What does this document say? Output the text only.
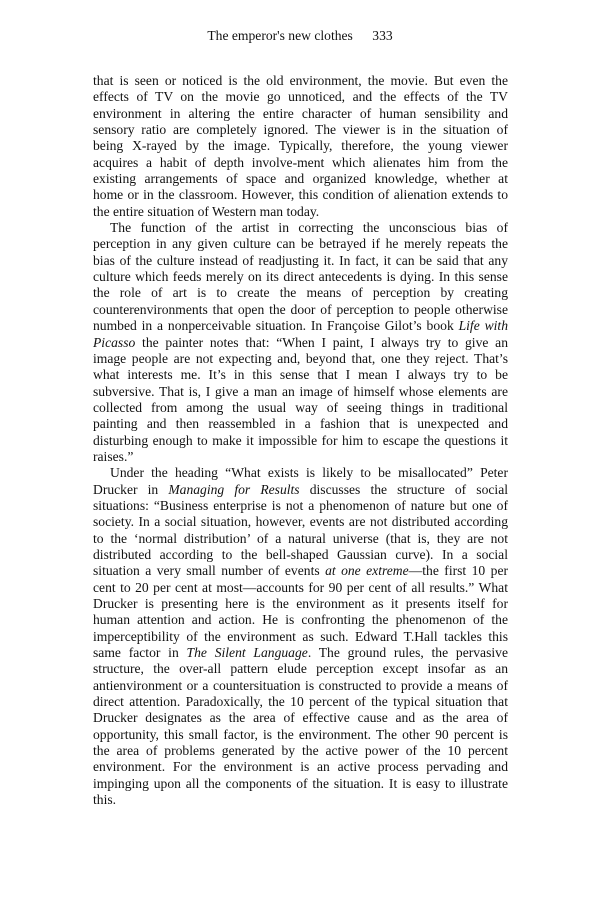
The emperor's new clothes 333
that is seen or noticed is the old environment, the movie. But even the
effects of TV on the movie go unnoticed, and the effects of the TV
environment in altering the entire character of human sensibility and
sensory ratio are completely ignored. The viewer is in the situation of
being X-rayed by the image. Typically, therefore, the young viewer
acquires a habit of depth involve-ment which alienates him from the
existing arrangements of space and organized knowledge, whether at
home or in the classroom. However, this condition of alienation extends to
the entire situation of Western man today.
The function of the artist in correcting the unconscious bias of
perception in any given culture can be betrayed if he merely repeats the
bias of the culture instead of readjusting it. In fact, it can be said that any
culture which feeds merely on its direct antecedents is dying. In this sense
the role of art is to create the means of perception by creating
counterenvironments that open the door of perception to people otherwise
numbed in a nonperceivable situation. In Françoise Gilot’s book Life with
Picasso the painter notes that: “When I paint, I always try to give an
image people are not expecting and, beyond that, one they reject. That’s
what interests me. It’s in this sense that I mean I always try to be
subversive. That is, I give a man an image of himself whose elements are
collected from among the usual way of seeing things in traditional
painting and then reassembled in a fashion that is unexpected and
disturbing enough to make it impossible for him to escape the questions it
raises.”
Under the heading “What exists is likely to be misallocated” Peter
Drucker in Managing for Results discusses the structure of social
situations: “Business enterprise is not a phenomenon of nature but one of
society. In a social situation, however, events are not distributed according
to the ‘normal distribution’ of a natural universe (that is, they are not
distributed according to the bell-shaped Gaussian curve). In a social
situation a very small number of events at one extreme—the first 10 per
cent to 20 per cent at most—accounts for 90 per cent of all results.” What
Drucker is presenting here is the environment as it presents itself for
human attention and action. He is confronting the phenomenon of the
imperceptibility of the environment as such. Edward T.Hall tackles this
same factor in The Silent Language. The ground rules, the pervasive
structure, the over-all pattern elude perception except insofar as an
antienvironment or a countersituation is constructed to provide a means of
direct attention. Paradoxically, the 10 percent of the typical situation that
Drucker designates as the area of effective cause and as the area of
opportunity, this small factor, is the environment. The other 90 percent is
the area of problems generated by the active power of the 10 percent
environment. For the environment is an active process pervading and
impinging upon all the components of the situation. It is easy to illustrate
this.
